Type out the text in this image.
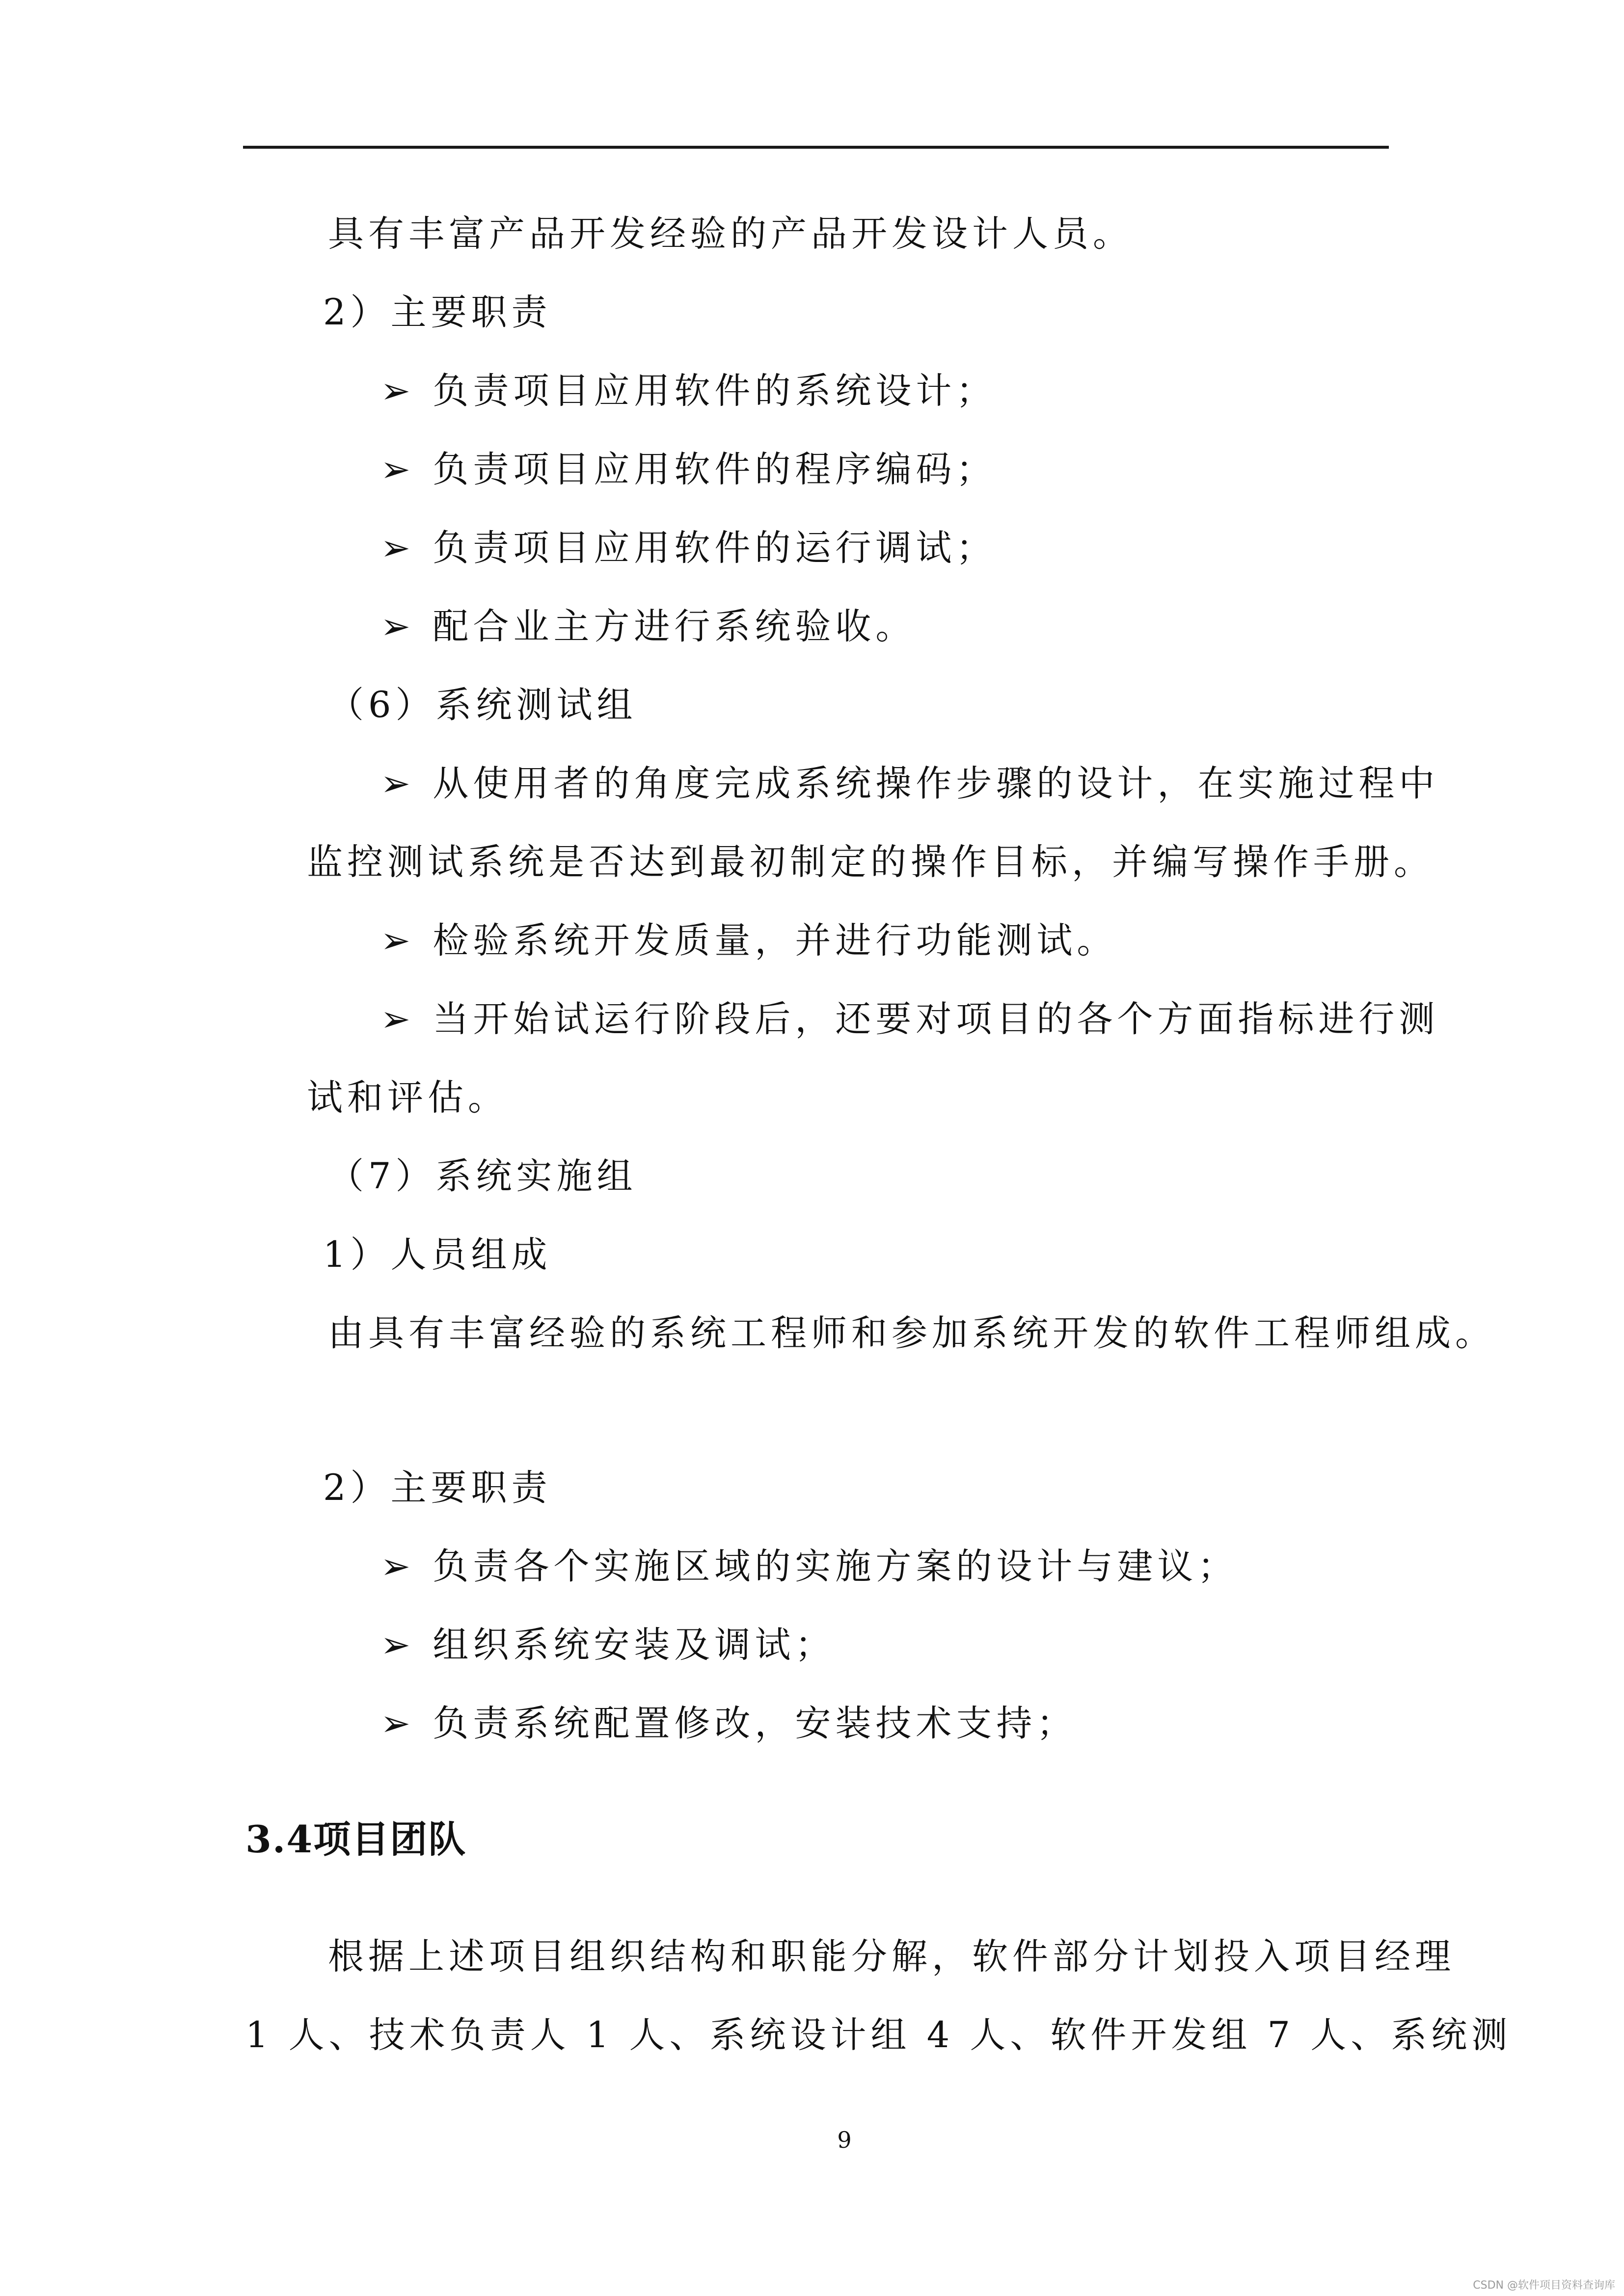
具有丰富产品开发经验的产品开发设计人员。
2）主要职责
➢ 负责项目应用软件的系统设计；
➢ 负责项目应用软件的程序编码；
➢ 负责项目应用软件的运行调试；
➢ 配合业主方进行系统验收。
（6）系统测试组
➢ 从使用者的角度完成系统操作步骤的设计，在实施过程中
监控测试系统是否达到最初制定的操作目标，并编写操作手册。
➢ 检验系统开发质量，并进行功能测试。
➢ 当开始试运行阶段后，还要对项目的各个方面指标进行测
试和评估。
（7）系统实施组
1）人员组成
由具有丰富经验的系统工程师和参加系统开发的软件工程师组成。
2）主要职责
➢ 负责各个实施区域的实施方案的设计与建议；
➢ 组织系统安装及调试；
➢ 负责系统配置修改，安装技术支持；
3.4项目团队
根据上述项目组织结构和职能分解，软件部分计划投入项目经理
1 人、技术负责人 1 人、系统设计组 4 人、软件开发组 7 人、系统测
9
CSDN @软件项目资料查询库
